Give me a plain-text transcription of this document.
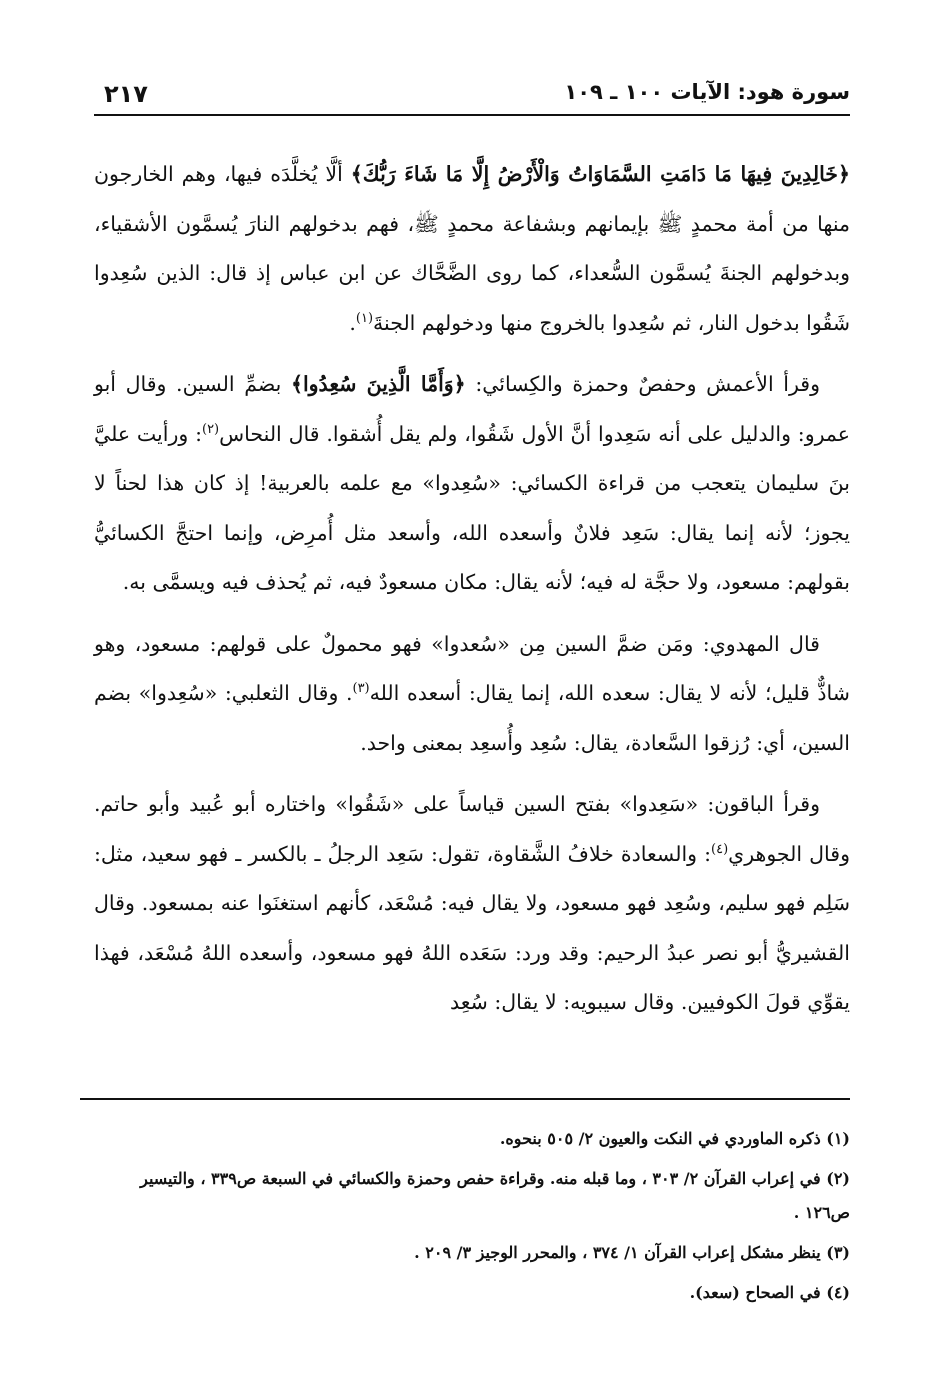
سورة هود: الآيات ١٠٠ ـ ١٠٩
٢١٧

﴿خَالِدِينَ فِيهَا مَا دَامَتِ السَّمَاوَاتُ وَالْأَرْضُ إِلَّا مَا شَاءَ رَبُّكَ﴾ ألَّا يُخلَّدَه فيها، وهم الخارجون منها من أمة محمدٍ ﷺ بإيمانهم وبشفاعة محمدٍ ﷺ، فهم بدخولهم النارَ يُسمَّون الأشقياء، وبدخولهم الجنةَ يُسمَّون السُّعداء، كما روى الضَّحَّاك عن ابن عباس إذ قال: الذين سُعِدوا شَقُوا بدخول النار، ثم سُعِدوا بالخروج منها ودخولهم الجنةَ$^{(١)}$.

وقرأ الأعمش وحفصٌ وحمزة والكِسائي: ﴿وَأَمَّا الَّذِينَ سُعِدُوا﴾ بضمِّ السين. وقال أبو عمرو: والدليل على أنه سَعِدوا أنَّ الأول شَقُوا، ولم يقل أُشقوا. قال النحاس$^{(٢)}$: ورأيت عليَّ بنَ سليمان يتعجب من قراءة الكسائي: «سُعِدوا» مع علمه بالعربية! إذ كان هذا لحناً لا يجوز؛ لأنه إنما يقال: سَعِد فلانٌ وأسعده الله، وأسعد مثل أُمرِض، وإنما احتجَّ الكسائيُّ بقولهم: مسعود، ولا حجَّة له فيه؛ لأنه يقال: مكان مسعودٌ فيه، ثم يُحذف فيه ويسمَّى به.

قال المهدوي: ومَن ضمَّ السين مِن «سُعدوا» فهو محمولٌ على قولهم: مسعود، وهو شاذٌّ قليل؛ لأنه لا يقال: سعده الله، إنما يقال: أسعده الله$^{(٣)}$. وقال الثعلبي: «سُعِدوا» بضم السين، أي: رُزقوا السَّعادة، يقال: سُعِد وأُسعِد بمعنى واحد.

وقرأ الباقون: «سَعِدوا» بفتح السين قياساً على «شَقُوا» واختاره أبو عُبيد وأبو حاتم. وقال الجوهري$^{(٤)}$: والسعادة خلافُ الشَّقاوة، تقول: سَعِد الرجلُ ـ بالكسر ـ فهو سعيد، مثل: سَلِم فهو سليم، وسُعِد فهو مسعود، ولا يقال فيه: مُسْعَد، كأنهم استغنَوا عنه بمسعود. وقال القشيريُّ أبو نصر عبدُ الرحيم: وقد ورد: سَعَده اللهُ فهو مسعود، وأسعده اللهُ مُسْعَد، فهذا يقوِّي قولَ الكوفيين. وقال سيبويه: لا يقال: سُعِد

(١) ذكره الماوردي في النكت والعيون ٢/ ٥٠٥ بنحوه.

(٢) في إعراب القرآن ٢/ ٣٠٣ ، وما قبله منه. وقراءة حفص وحمزة والكسائي في السبعة ص٣٣٩ ، والتيسير ص١٢٦ .

(٣) ينظر مشكل إعراب القرآن ١/ ٣٧٤ ، والمحرر الوجيز ٣/ ٢٠٩ .

(٤) في الصحاح (سعد).
